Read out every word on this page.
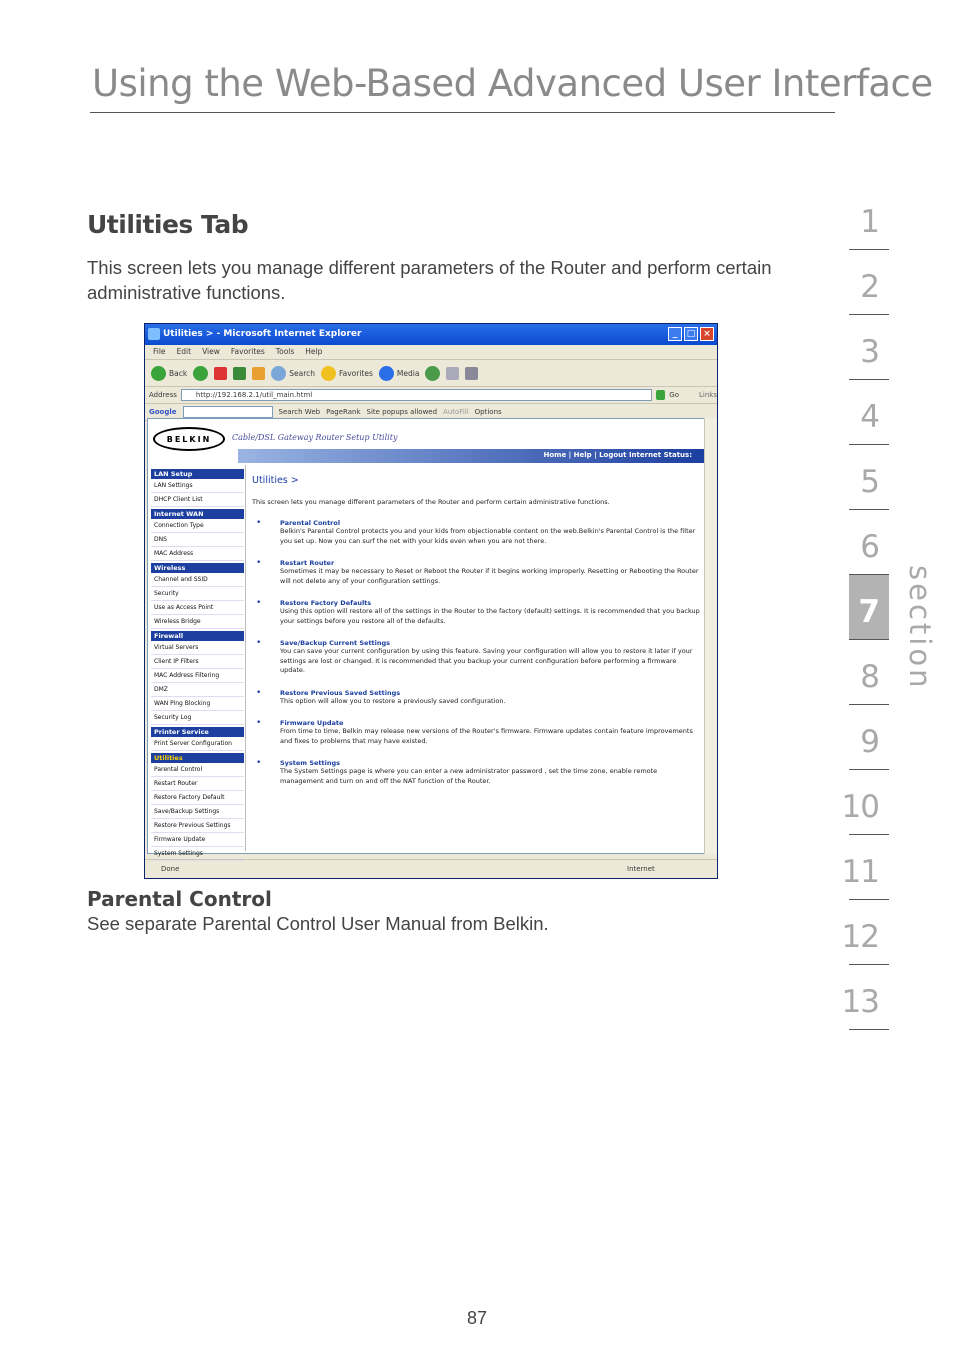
Using the Web-Based Advanced User Interface
Utilities Tab
This screen lets you manage different parameters of the Router and perform certain administrative functions.
1
2
3
4
5
6
7
8
9
10
11
12
13
section
Utilities > - Microsoft Internet Explorer	_	□ ×
File Edit View Favorites Tools Help
Back	Search	Favorites	Media
Address	http://192.168.2.1/util_main.html	Go	Links
Google	Search Web PageRank Site popups allowed AutoFill Options
BELKIN	Cable/DSL Gateway Router Setup Utility
Home | Help | Logout Internet Status:
LAN Setup
LAN Settings
DHCP Client List
Internet WAN
Connection Type
DNS
MAC Address
Wireless
Channel and SSID
Security
Use as Access Point
Wireless Bridge
Firewall
Virtual Servers
Client IP Filters
MAC Address Filtering
DMZ
WAN Ping Blocking
Security Log
Printer Service
Print Server Configuration
Utilities
Parental Control
Restart Router
Restore Factory Default
Save/Backup Settings
Restore Previous Settings
Firmware Update
System Settings
Utilities >
This screen lets you manage different parameters of the Router and perform certain administrative functions.
• Parental Control
Belkin's Parental Control protects you and your kids from objectionable content on the web.Belkin's Parental Control is the filter you set up. Now you can surf the net with your kids even when you are not there.
• Restart Router
Sometimes it may be necessary to Reset or Reboot the Router if it begins working improperly. Resetting or Rebooting the Router will not delete any of your configuration settings.
• Restore Factory Defaults
Using this option will restore all of the settings in the Router to the factory (default) settings. It is recommended that you backup your settings before you restore all of the defaults.
• Save/Backup Current Settings
You can save your current configuration by using this feature. Saving your configuration will allow you to restore it later if your settings are lost or changed. It is recommended that you backup your current configuration before performing a firmware update.
• Restore Previous Saved Settings
This option will allow you to restore a previously saved configuration.
• Firmware Update
From time to time, Belkin may release new versions of the Router's firmware. Firmware updates contain feature improvements and fixes to problems that may have existed.
• System Settings
The System Settings page is where you can enter a new administrator password , set the time zone, enable remote management and turn on and off the NAT function of the Router.
Done	Internet
Parental Control
See separate Parental Control User Manual from Belkin.
87
